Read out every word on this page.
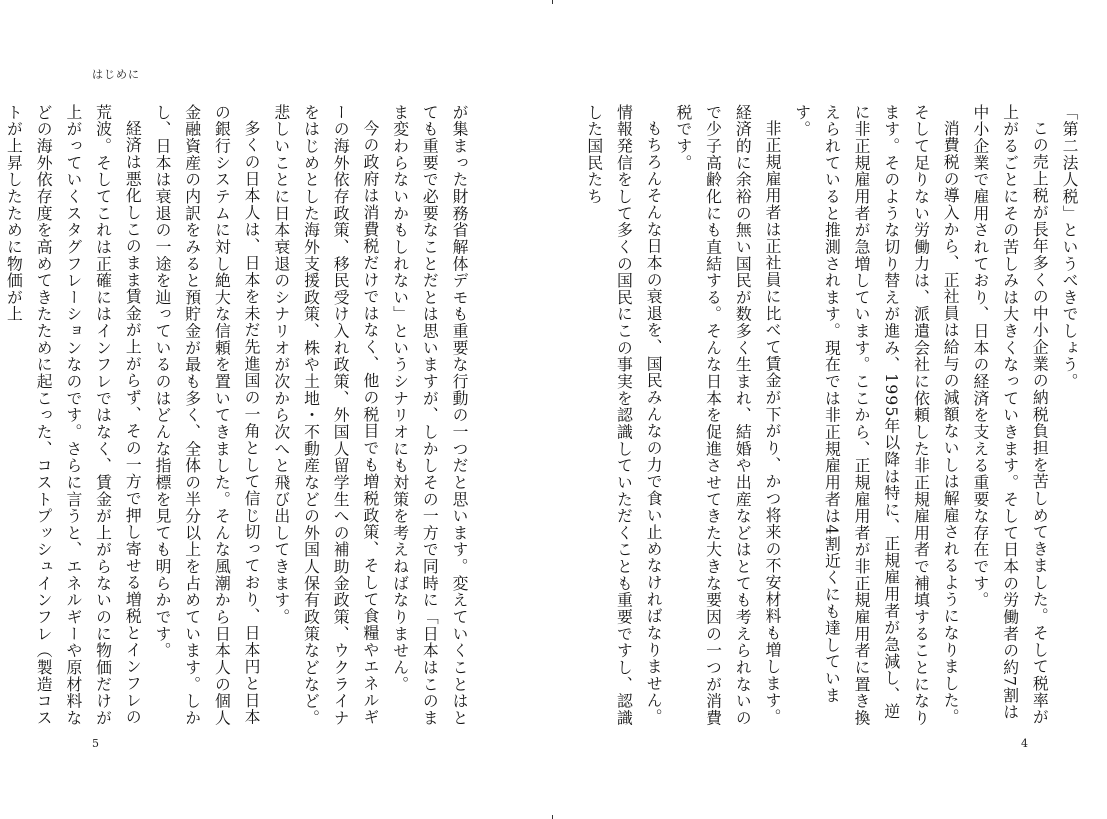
はじめに

が集まった財務省解体デモも重要な行動の一つだと思います。変えていくことはとても重要で必要なことだとは思いますが、しかしその一方で同時に「日本はこのまま変わらないかもしれない」というシナリオにも対策を考えねばなりません。

今の政府は消費税だけではなく、他の税目でも増税政策、そして食糧やエネルギーの海外依存政策、移民受け入れ政策、外国人留学生への補助金政策、ウクライナをはじめとした海外支援政策、株や土地・不動産などの外国人保有政策などなど。悲しいことに日本衰退のシナリオが次から次へと飛び出してきます。

多くの日本人は、日本を未だ先進国の一角として信じ切っており、日本円と日本の銀行システムに対し絶大な信頼を置いてきました。そんな風潮から日本人の個人金融資産の内訳をみると預貯金が最も多く、全体の半分以上を占めています。しかし、日本は衰退の一途を辿っているのはどんな指標を見ても明らかです。

経済は悪化しこのまま賃金が上がらず、その一方で押し寄せる増税とインフレの荒波。そしてこれは正確にはインフレではなく、賃金が上がらないのに物価だけが上がっていくスタグフレーションなのです。さらに言うと、エネルギーや原材料などの海外依存度を高めてきたために起こった、コストプッシュインフレ（製造コストが上昇したために物価が上

5

「第二法人税」というべきでしょう。

この売上税が長年多くの中小企業の納税負担を苦しめてきました。そして税率が上がるごとにその苦しみは大きくなっていきます。そして日本の労働者の約7割は中小企業で雇用されており、日本の経済を支える重要な存在です。

消費税の導入から、正社員は給与の減額ないしは解雇されるようになりました。そして足りない労働力は、派遣会社に依頼した非正規雇用者で補填することになります。そのような切り替えが進み、1995年以降は特に、正規雇用者が急減し、逆に非正規雇用者が急増しています。ここから、正規雇用者が非正規雇用者に置き換えられていると推測されます。現在では非正規雇用者は4割近くにも達しています。

非正規雇用者は正社員に比べて賃金が下がり、かつ将来の不安材料も増します。経済的に余裕の無い国民が数多く生まれ、結婚や出産などはとても考えられないので少子高齢化にも直結する。そんな日本を促進させてきた大きな要因の一つが消費税です。

もちろんそんな日本の衰退を、国民みんなの力で食い止めなければなりません。情報発信をして多くの国民にこの事実を認識していただくことも重要ですし、認識した国民たち

4
